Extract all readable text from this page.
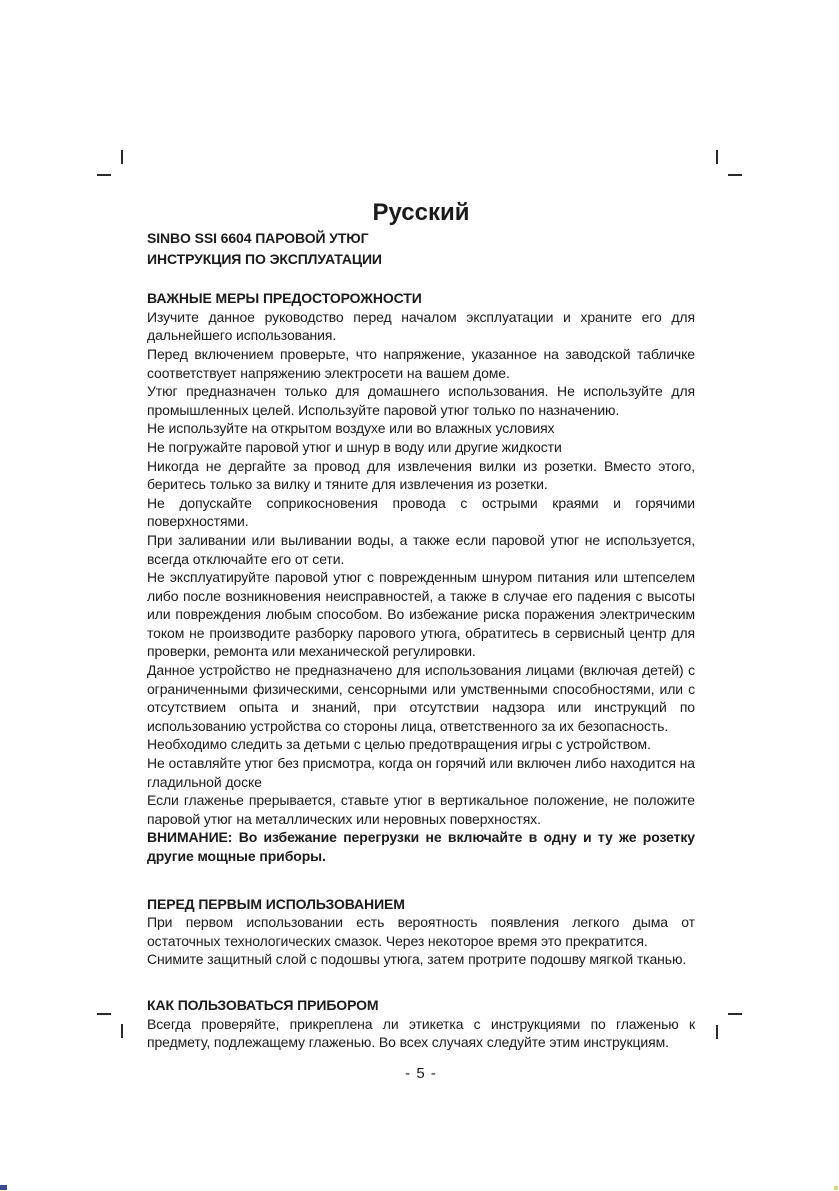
Русский
SINBO SSI 6604 ПАРОВОЙ УТЮГ
ИНСТРУКЦИЯ ПО ЭКСПЛУАТАЦИИ
ВАЖНЫЕ МЕРЫ ПРЕДОСТОРОЖНОСТИ

Изучите данное руководство перед началом эксплуатации и храните его для дальнейшего использования.

Перед включением проверьте, что напряжение, указанное на заводской табличке соответствует напряжению электросети на вашем доме.

Утюг предназначен только для домашнего использования. Не используйте для промышленных целей. Используйте паровой утюг только по назначению.

Не используйте на открытом воздухе или во влажных условиях

Не погружайте паровой утюг и шнур в воду или другие жидкости

Никогда не дергайте за провод для извлечения вилки из розетки. Вместо этого, беритесь только за вилку и тяните для извлечения из розетки.

Не допускайте соприкосновения провода с острыми краями и горячими поверхностями.

При заливании или выливании воды, а также если паровой утюг не используется, всегда отключайте его от сети.

Не эксплуатируйте паровой утюг с поврежденным шнуром питания или штепселем либо после возникновения неисправностей, а также в случае его падения с высоты или повреждения любым способом. Во избежание риска поражения электрическим током не производите разборку парового утюга, обратитесь в сервисный центр для проверки, ремонта или механической регулировки.

Данное устройство не предназначено для использования лицами (включая детей) с ограниченными физическими, сенсорными или умственными способностями, или с отсутствием опыта и знаний, при отсутствии надзора или инструкций по использованию устройства со стороны лица, ответственного за их безопасность.

Необходимо следить за детьми с целью предотвращения игры с устройством.

Не оставляйте утюг без присмотра, когда он горячий или включен либо находится на гладильной доске

Если глаженье прерывается, ставьте утюг в вертикальное положение, не положите паровой утюг на металлических или неровных поверхностях.

ВНИМАНИЕ: Во избежание перегрузки не включайте в одну и ту же розетку другие мощные приборы.

ПЕРЕД ПЕРВЫМ ИСПОЛЬЗОВАНИЕМ

При первом использовании есть вероятность появления легкого дыма от остаточных технологических смазок. Через некоторое время это прекратится.

Снимите защитный слой с подошвы утюга, затем протрите подошву мягкой тканью.

КАК ПОЛЬЗОВАТЬСЯ ПРИБОРОМ

Всегда проверяйте, прикреплена ли этикетка с инструкциями по глаженью к предмету, подлежащему глаженью. Во всех случаях следуйте этим инструкциям.

- 5 -
